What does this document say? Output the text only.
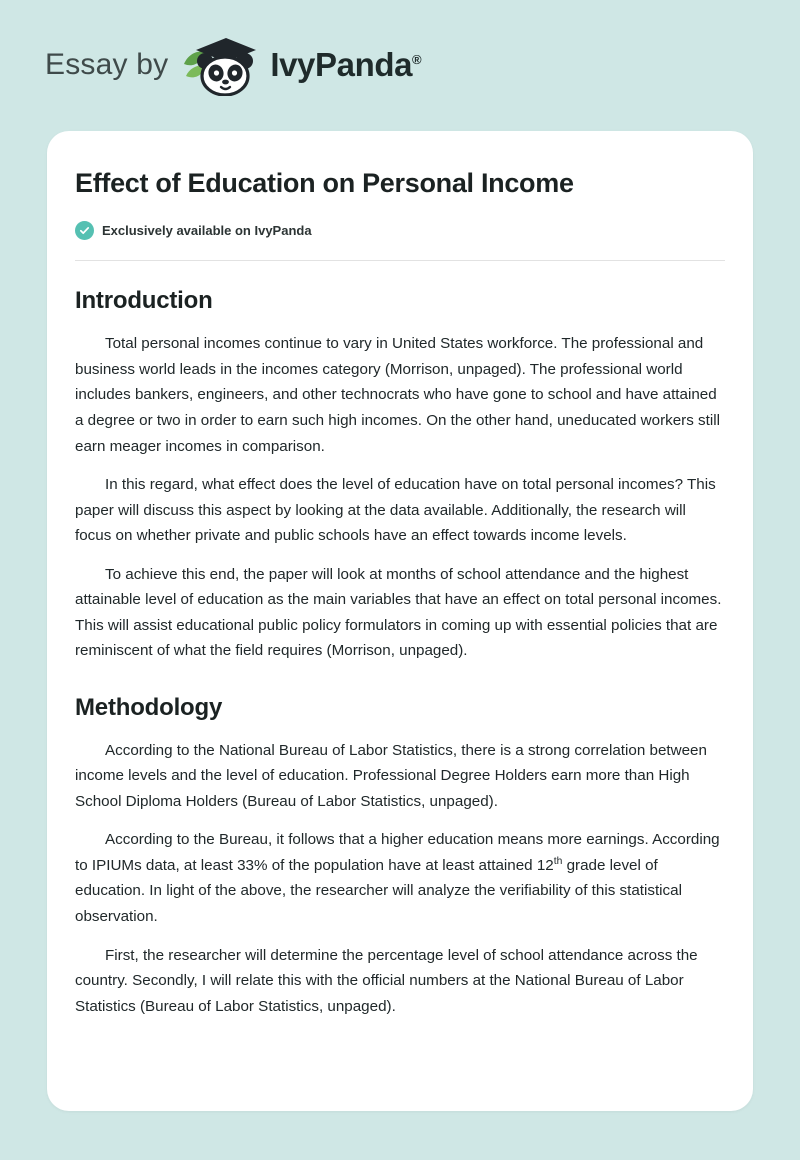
Essay by	IvyPanda®
Effect of Education on Personal Income
Exclusively available on IvyPanda
Introduction

Total personal incomes continue to vary in United States workforce. The professional and business world leads in the incomes category (Morrison, unpaged). The professional world includes bankers, engineers, and other technocrats who have gone to school and have attained a degree or two in order to earn such high incomes. On the other hand, uneducated workers still earn meager incomes in comparison.

In this regard, what effect does the level of education have on total personal incomes? This paper will discuss this aspect by looking at the data available. Additionally, the research will focus on whether private and public schools have an effect towards income levels.

To achieve this end, the paper will look at months of school attendance and the highest attainable level of education as the main variables that have an effect on total personal incomes. This will assist educational public policy formulators in coming up with essential policies that are reminiscent of what the field requires (Morrison, unpaged).

Methodology

According to the National Bureau of Labor Statistics, there is a strong correlation between income levels and the level of education. Professional Degree Holders earn more than High School Diploma Holders (Bureau of Labor Statistics, unpaged).

According to the Bureau, it follows that a higher education means more earnings. According to IPIUMs data, at least 33% of the population have at least attained 12th grade level of education. In light of the above, the researcher will analyze the verifiability of this statistical observation.

First, the researcher will determine the percentage level of school attendance across the country. Secondly, I will relate this with the official numbers at the National Bureau of Labor Statistics (Bureau of Labor Statistics, unpaged).
